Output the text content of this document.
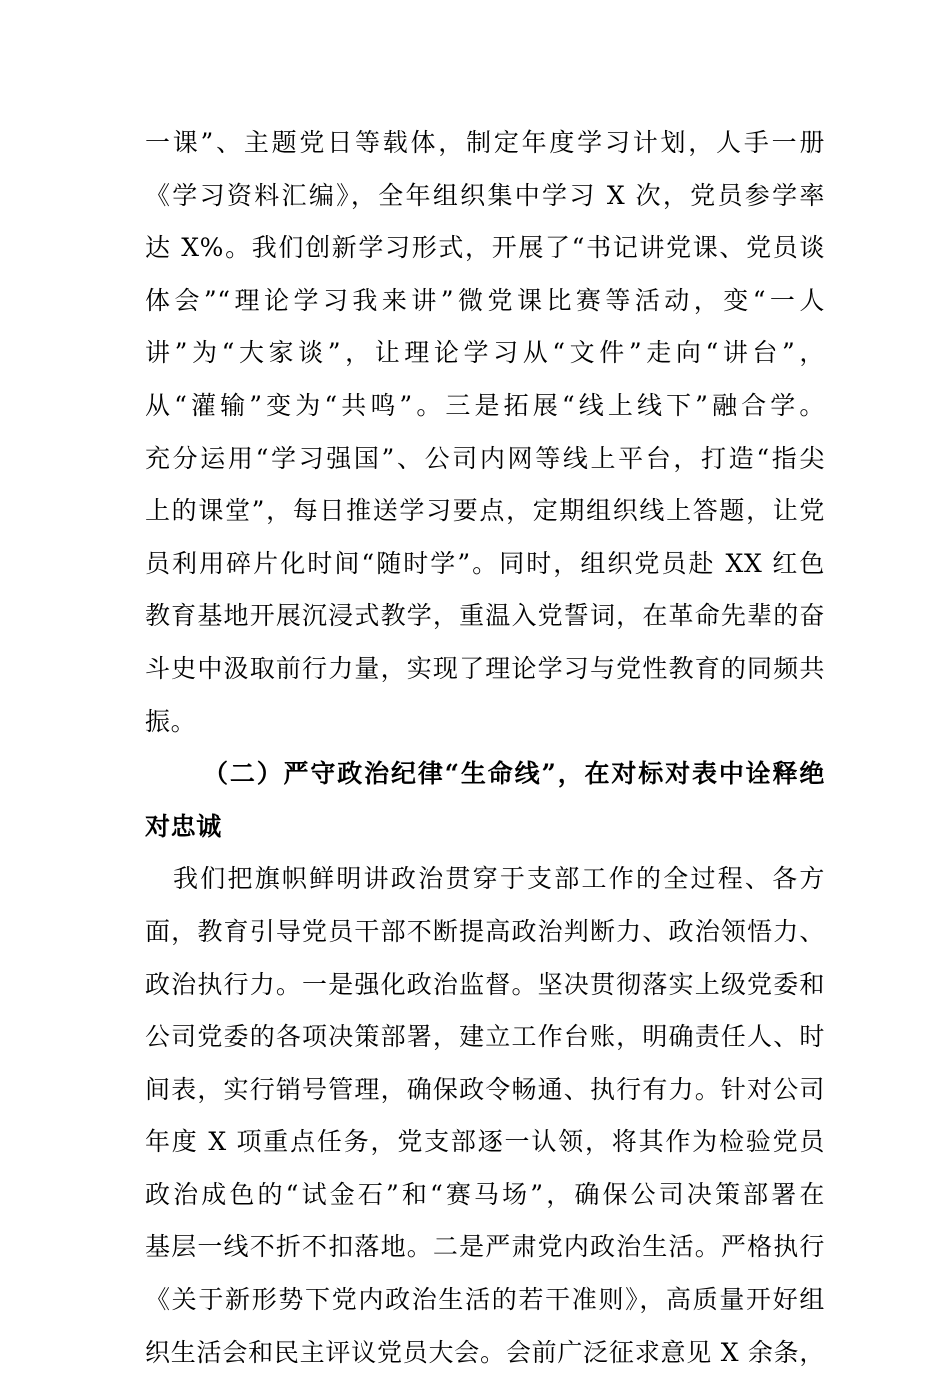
一课”、主题党日等载体，制定年度学习计划，人手一册
《学习资料汇编》，全年组织集中学习 X 次，党员参学率
达 X%。我们创新学习形式，开展了“书记讲党课、党员谈
体会”“理论学习我来讲”微党课比赛等活动，变“一人
讲”为“大家谈”，让理论学习从“文件”走向“讲台”，
从“灌输”变为“共鸣”。三是拓展“线上线下”融合学。
充分运用“学习强国”、公司内网等线上平台，打造“指尖
上的课堂”，每日推送学习要点，定期组织线上答题，让党
员利用碎片化时间“随时学”。同时，组织党员赴 XX 红色
教育基地开展沉浸式教学，重温入党誓词，在革命先辈的奋
斗史中汲取前行力量，实现了理论学习与党性教育的同频共
振。
（二）严守政治纪律“生命线”，在对标对表中诠释绝
对忠诚
我们把旗帜鲜明讲政治贯穿于支部工作的全过程、各方
面，教育引导党员干部不断提高政治判断力、政治领悟力、
政治执行力。一是强化政治监督。坚决贯彻落实上级党委和
公司党委的各项决策部署，建立工作台账，明确责任人、时
间表，实行销号管理，确保政令畅通、执行有力。针对公司
年度 X 项重点任务，党支部逐一认领，将其作为检验党员
政治成色的“试金石”和“赛马场”，确保公司决策部署在
基层一线不折不扣落地。二是严肃党内政治生活。严格执行
《关于新形势下党内政治生活的若干准则》，高质量开好组
织生活会和民主评议党员大会。会前广泛征求意见 X 余条，
